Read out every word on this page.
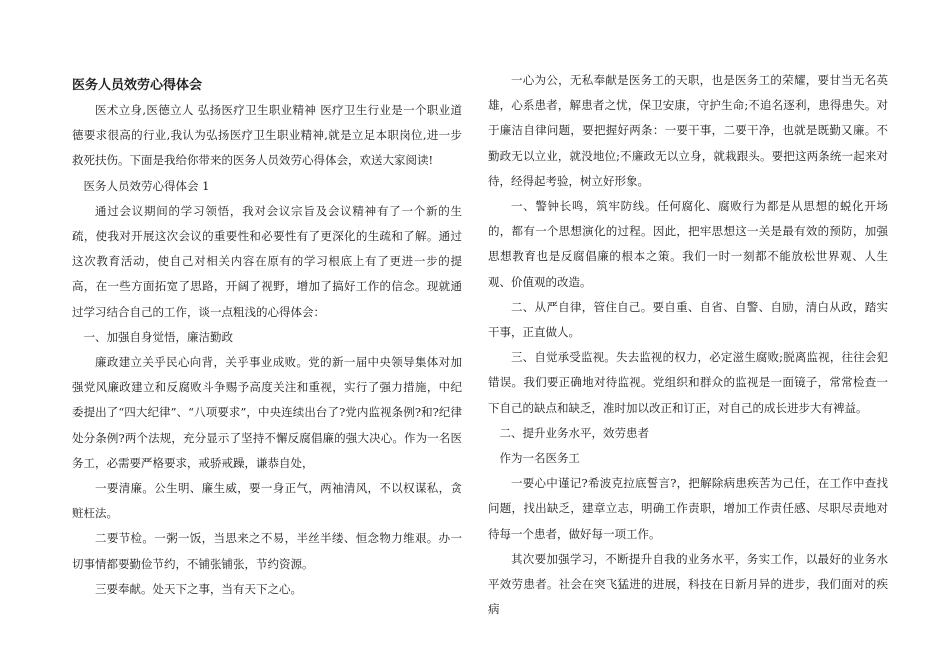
医务人员效劳心得体会

医术立身,医德立人 弘扬医疗卫生职业精神 医疗卫生行业是一个职业道德要求很高的行业,我认为弘扬医疗卫生职业精神,就是立足本职岗位,进一步救死扶伤。下面是我给你带来的医务人员效劳心得体会，欢送大家阅读!

医务人员效劳心得体会 1

通过会议期间的学习领悟，我对会议宗旨及会议精神有了一个新的生疏，使我对开展这次会议的重要性和必要性有了更深化的生疏和了解。通过这次教育活动，使自己对相关内容在原有的学习根底上有了更进一步的提高，在一些方面拓宽了思路，开阔了视野，增加了搞好工作的信念。现就通过学习结合自己的工作，谈一点粗浅的心得体会：

一、加强自身觉悟，廉洁勤政

廉政建立关乎民心向背，关乎事业成败。党的新一届中央领导集体对加强党风廉政建立和反腐败斗争赐予高度关注和重视，实行了强力措施，中纪委提出了“四大纪律”、“八项要求”，中央连续出台了?党内监视条例?和?纪律处分条例?两个法规，充分显示了坚持不懈反腐倡廉的强大决心。作为一名医务工，必需要严格要求，戒骄戒躁，谦恭自处，

一要清廉。公生明、廉生威，要一身正气，两袖清风，不以权谋私，贪赃枉法。

二要节检。一粥一饭，当思来之不易，半丝半缕、恒念物力维艰。办一切事情都要勤俭节约，不铺张铺张，节约资源。

三要奉献。处天下之事，当有天下之心。

一心为公，无私奉献是医务工的天职，也是医务工的荣耀，要甘当无名英雄，心系患者，解患者之忧，保卫安康，守护生命;不追名逐利，患得患失。对于廉洁自律问题，要把握好两条：一要干事，二要干净，也就是既勤又廉。不勤政无以立业，就没地位;不廉政无以立身，就栽跟头。要把这两条统一起来对待，经得起考验，树立好形象。

一、警钟长鸣，筑牢防线。任何腐化、腐败行为都是从思想的蜕化开场的，都有一个思想演化的过程。因此，把牢思想这一关是最有效的预防，加强思想教育也是反腐倡廉的根本之策。我们一时一刻都不能放松世界观、人生观、价值观的改造。

二、从严自律，管住自己。要自重、自省、自警、自励，清白从政，踏实干事，正直做人。

三、自觉承受监视。失去监视的权力，必定滋生腐败;脱离监视，往往会犯错误。我们要正确地对待监视。党组织和群众的监视是一面镜子，常常检查一下自己的缺点和缺乏，准时加以改正和订正，对自己的成长进步大有裨益。

二、提升业务水平，效劳患者

作为一名医务工

一要心中谨记?希波克拉底誓言?，把解除病患疾苦为己任，在工作中查找问题，找出缺乏，建章立志，明确工作责职，增加工作责任感、尽职尽责地对待每一个患者，做好每一项工作。

其次要加强学习，不断提升自我的业务水平，务实工作，以最好的业务水平效劳患者。社会在突飞猛进的进展，科技在日新月异的进步，我们面对的疾病
